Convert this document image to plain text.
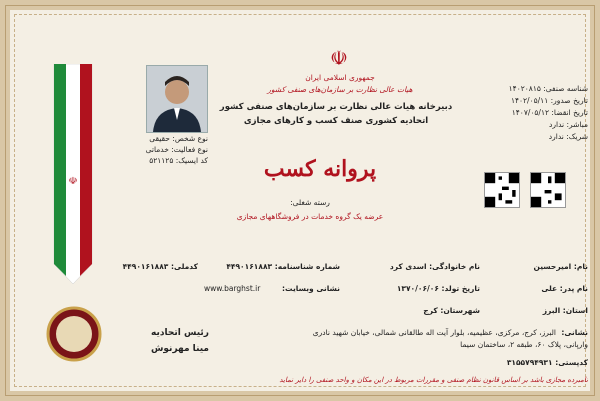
☫
نوع شخص: حقیقی
نوع فعالیت: خدماتی
کد ایسیک: ۵۲۱۱۲۵
☫
جمهوری اسلامی ایران
هیات عالی نظارت بر سازمان‌های صنفی کشور
دبیرخانه هیات عالی نظارت بر سازمان‌های صنفی کشور
اتحادیه کشوری صنف کسب و کارهای مجازی
شناسه صنفی: ۱۴۰۲۰۸۱۵
تاریخ صدور: ۱۴۰۲/۰۵/۱۱
تاریخ انقضا: ۱۴۰۷/۰۵/۱۲
مباشر: ندارد
شریک: ندارد
پروانه کسب
رسته شغلی:
عرضه یک گروه خدمات در فروشگاههای مجازی
نام: امیرحسین
نام خانوادگی: اسدی کرد
شماره شناسنامه: ۴۴۹۰۱۶۱۸۸۳
کدملی: ۴۴۹۰۱۶۱۸۸۳
نام پدر: علی
تاریخ تولد: ۱۳۷۰/۰۶/۰۶
نشانی وبسایت:
www.barghst.ir
استان: البرز
شهرستان: کرج
نشانی:
البرز، کرج، مرکزی، عظیمیه، بلوار آیت اله طالقانی شمالی، خیابان شهید نادری
وارپانی، پلاک ۶۰، طبقه ۲، ساختمان سیما
کدپستی: ۳۱۵۵۷۹۴۹۳۱
نامبرده مجازی باشد بر اساس قانون نظام صنفی و مقررات مربوط در این مکان و واحد صنفی را دایر نماید
رئیس اتحادیه
مینا مهرنوش
